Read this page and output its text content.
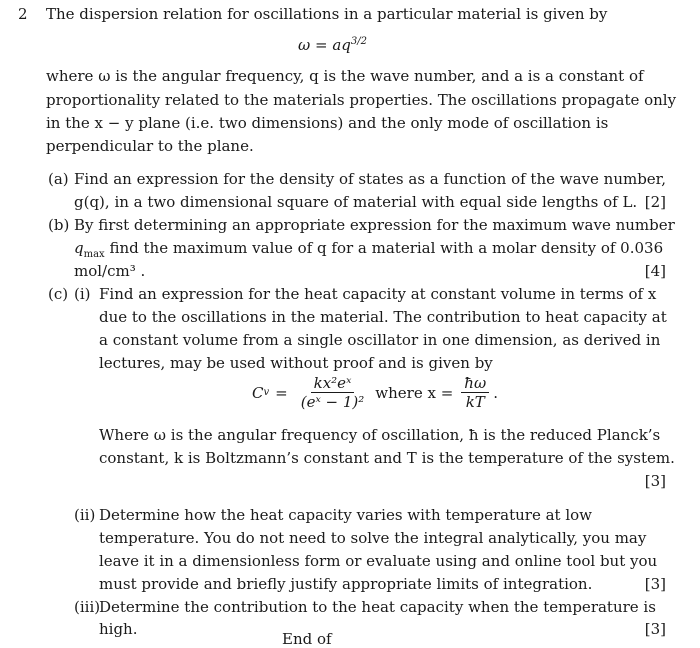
2 The dispersion relation for oscillations in a particular material is given by
$\omega = aq^{3/2}$
where ω is the angular frequency, q is the wave number, and a is a constant of
proportionality related to the materials properties. The oscillations propagate only
in the x − y plane (i.e. two dimensions) and the only mode of oscillation is
perpendicular to the plane.
(a) Find an expression for the density of states as a function of the wave number,
g(q), in a two dimensional square of material with equal side lengths of L. [2]
(b) By first determining an appropriate expression for the maximum wave number
$q_{max}$ find the maximum value of q for a material with a molar density of 0.036
mol/cm³ .	[4]
(c) (i) Find an expression for the heat capacity at constant volume in terms of x
due to the oscillations in the material. The contribution to heat capacity at
a constant volume from a single oscillator in one dimension, as derived in
lectures, may be used without proof and is given by
C $v = \frac{\text{kx²eˣ}}{\text{(eˣ − 1)²}}$ where $x = \frac{ħ\omega}{kT}$ .
Where ω is the angular frequency of oscillation, ħ is the reduced Planck’s
constant, k is Boltzmann’s constant and T is the temperature of the system.
[3]
(ii) Determine how the heat capacity varies with temperature at low
temperature. You do not need to solve the integral analytically, you may
leave it in a dimensionless form or evaluate using and online tool but you
must provide and briefly justify appropriate limits of integration.	[3]
(iii)
Determine the contribution to the heat capacity when the temperature is
high.	[3]
End of
